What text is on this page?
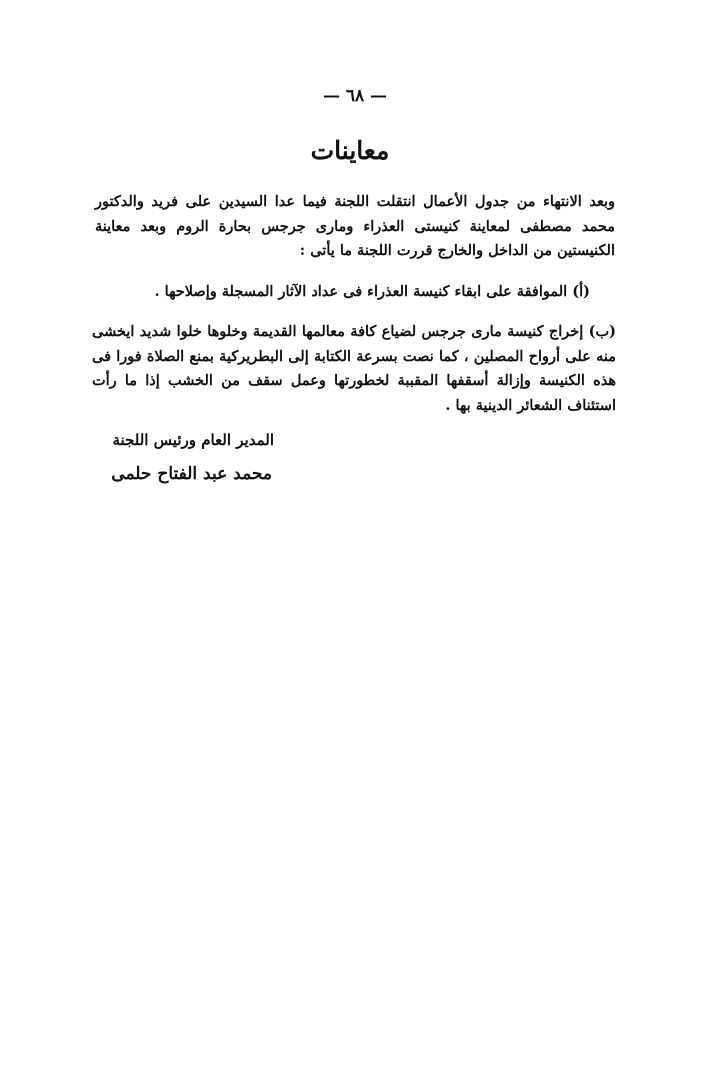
— ٦٨ —
معاينات
وبعد الانتهاء من جدول الأعمال انتقلت اللجنة فيما عدا السيدين على فريد والدكتور محمد مصطفى لمعاينة كنيستى العذراء ومارى جرجس بحارة الروم وبعد معاينة الكنيستين من الداخل والخارج قررت اللجنة ما يأتى :
(أ) الموافقة على ابقاء كنيسة العذراء فى عداد الآثار المسجلة وإصلاحها .
(ب) إخراج كنيسة مارى جرجس لضياع كافة معالمها القديمة وخلوها خلوا شديد ايخشى منه على أرواح المصلين ، كما نصت بسرعة الكتابة إلى البطريركية بمنع الصلاة فورا فى هذه الكنيسة وإزالة أسقفها المقببة لخطورتها وعمل سقف من الخشب إذا ما رأت استئناف الشعائر الدينية بها .
المدير العام ورئيس اللجنة
محمد عبد الفتاح حلمى
